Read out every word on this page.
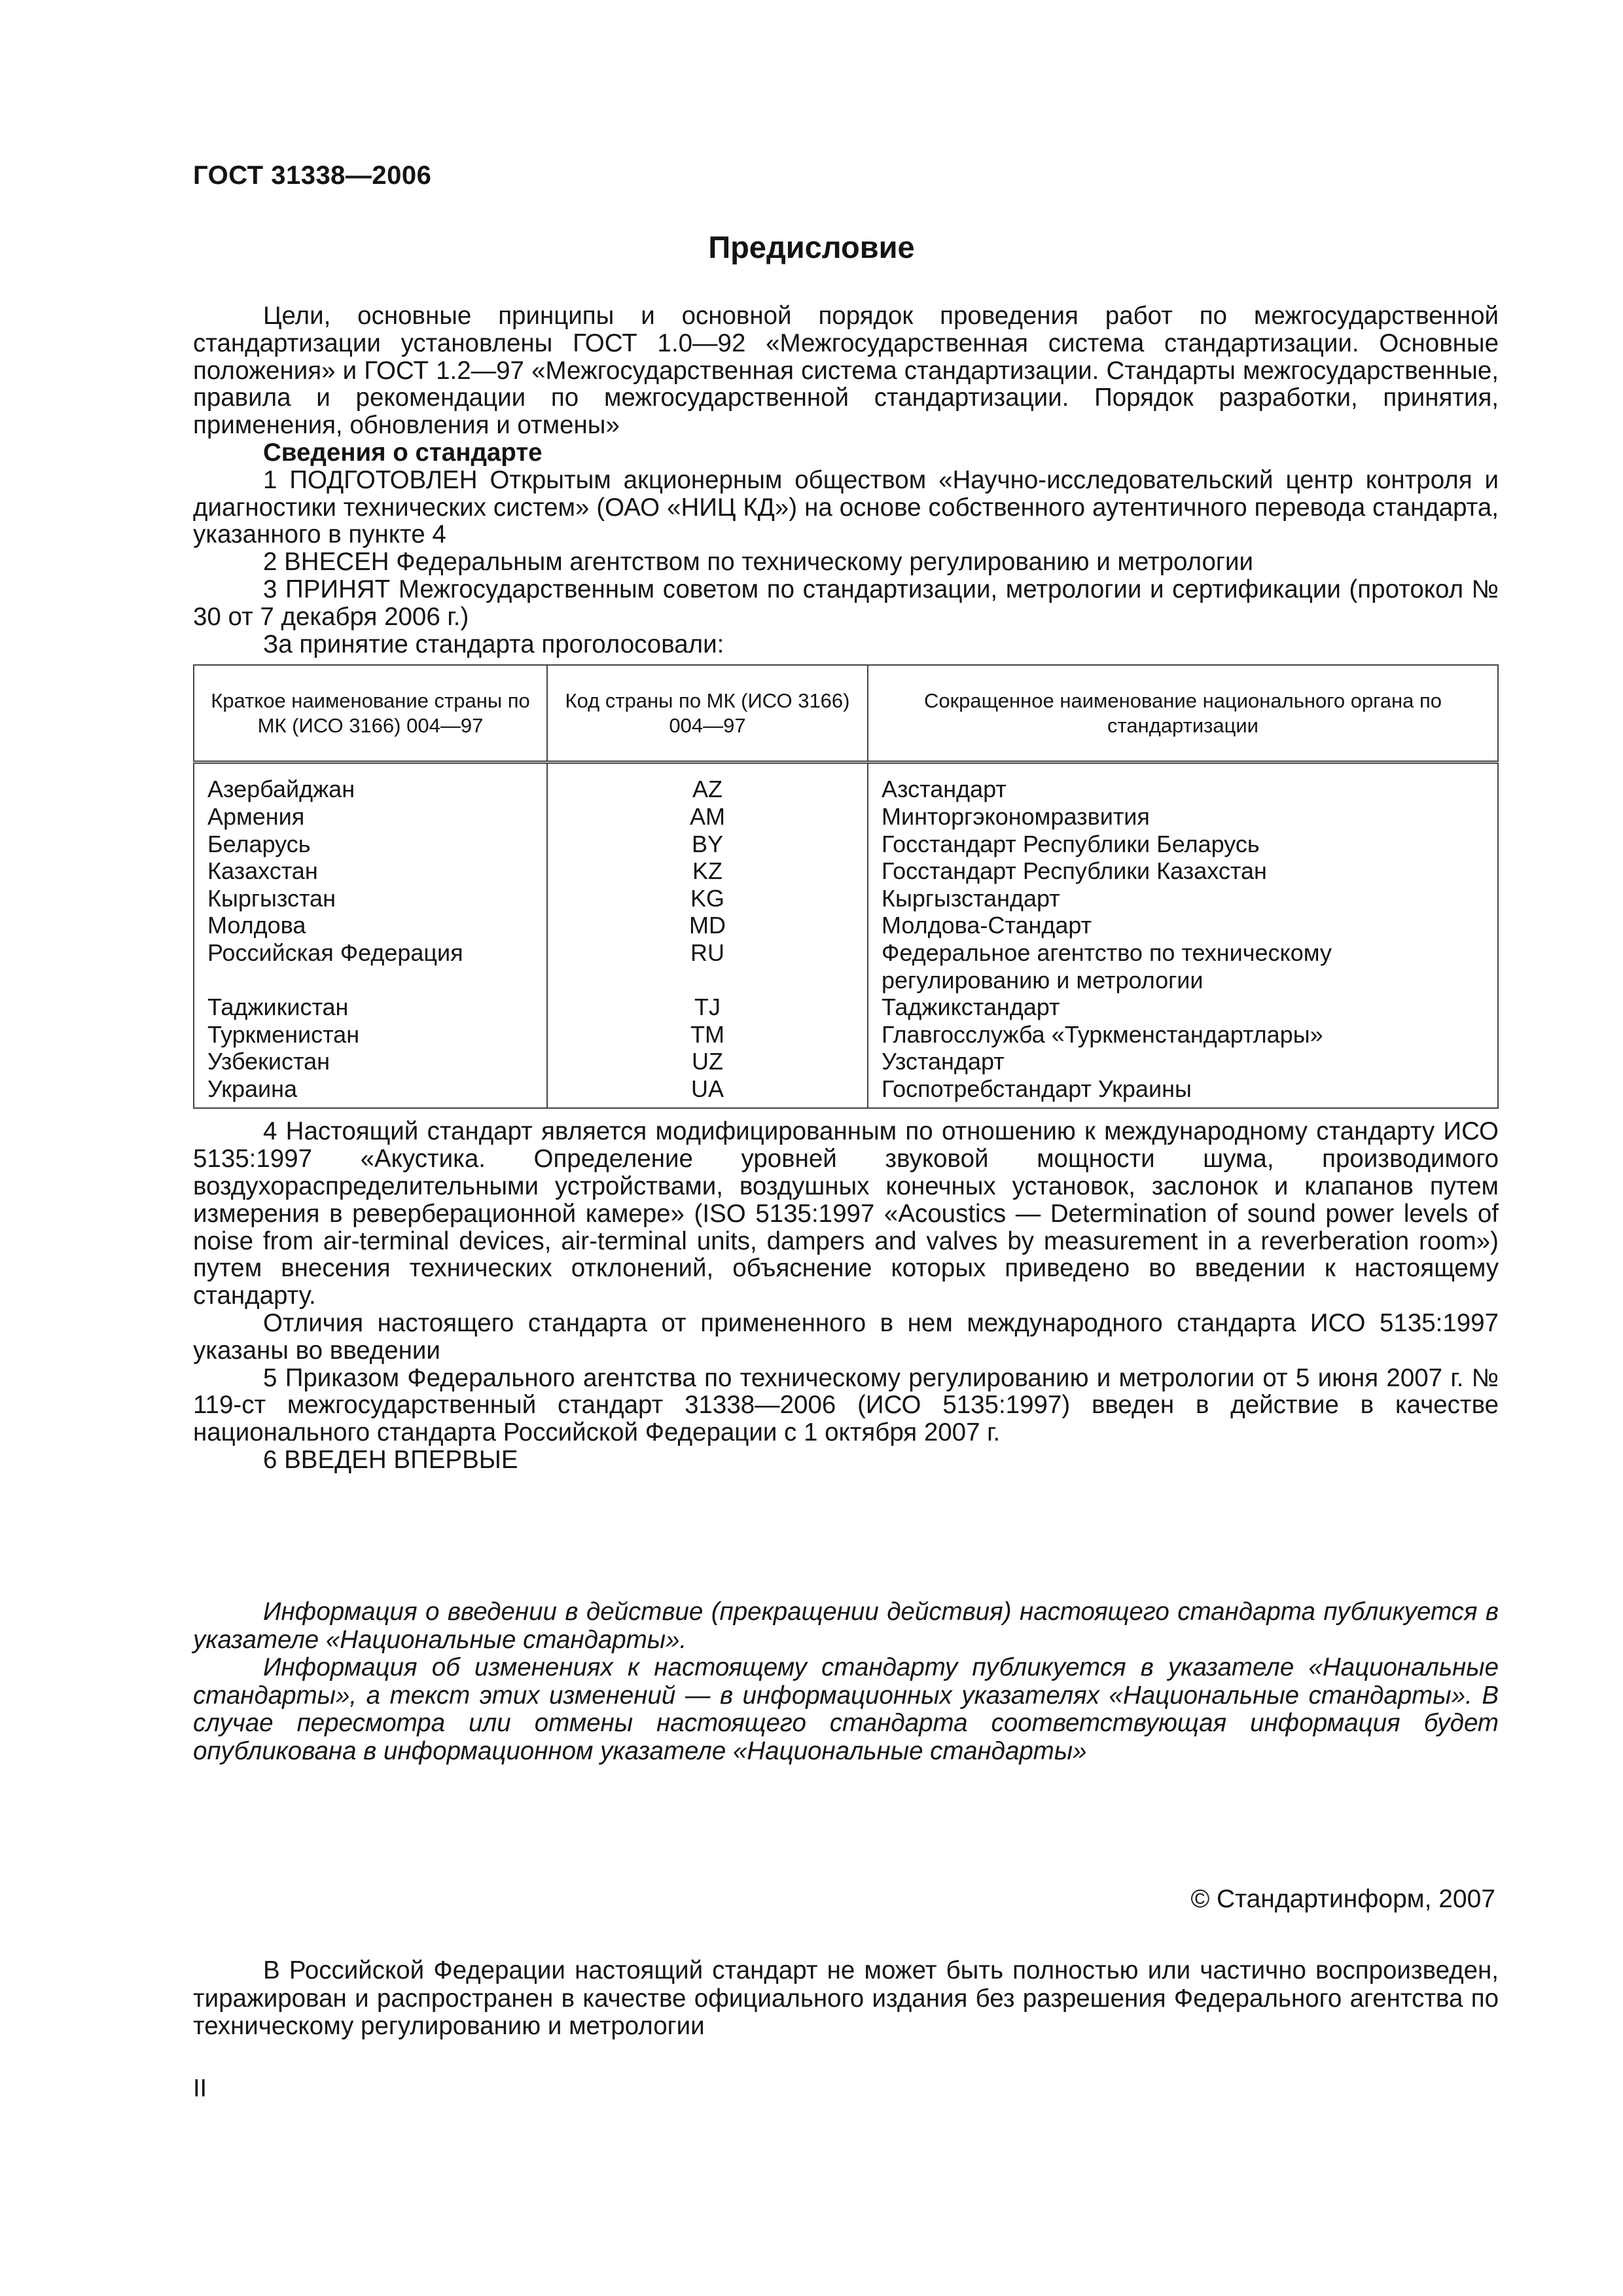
ГОСТ 31338—2006
Предисловие

Цели, основные принципы и основной порядок проведения работ по межгосударственной стандартизации установлены ГОСТ 1.0—92 «Межгосударственная система стандартизации. Основные положения» и ГОСТ 1.2—97 «Межгосударственная система стандартизации. Стандарты межгосударственные, правила и рекомендации по межгосударственной стандартизации. Порядок разработки, принятия, применения, обновления и отмены»

Сведения о стандарте

1 ПОДГОТОВЛЕН Открытым акционерным обществом «Научно-исследовательский центр контроля и диагностики технических систем» (ОАО «НИЦ КД») на основе собственного аутентичного перевода стандарта, указанного в пункте 4

2 ВНЕСЕН Федеральным агентством по техническому регулированию и метрологии

3 ПРИНЯТ Межгосударственным советом по стандартизации, метрологии и сертификации (протокол № 30 от 7 декабря 2006 г.)

За принятие стандарта проголосовали:

Краткое наименование страны по МК (ИСО 3166) 004—97	Код страны по МК (ИСО 3166) 004—97	Сокращенное наименование национального органа по стандартизации
Азербайджан	AZ	Азстандарт
Армения	AM	Минторгэкономразвития
Беларусь	BY	Госстандарт Республики Беларусь
Казахстан	KZ	Госстандарт Республики Казахстан
Кыргызстан	KG	Кыргызстандарт
Молдова	MD	Молдова-Стандарт
Российская Федерация	RU	Федеральное агентство по техническому регулированию и метрологии
Таджикистан	TJ	Таджикстандарт
Туркменистан	TM	Главгосслужба «Туркменстандартлары»
Узбекистан	UZ	Узстандарт
Украина	UA	Госпотребстандарт Украины

4 Настоящий стандарт является модифицированным по отношению к международному стандарту ИСО 5135:1997 «Акустика. Определение уровней звуковой мощности шума, производимого воздухораспределительными устройствами, воздушных конечных установок, заслонок и клапанов путем измерения в реверберационной камере» (ISO 5135:1997 «Acoustics — Determination of sound power levels of noise from air-terminal devices, air-terminal units, dampers and valves by measurement in a reverberation room») путем внесения технических отклонений, объяснение которых приведено во введении к настоящему стандарту.

Отличия настоящего стандарта от примененного в нем международного стандарта ИСО 5135:1997 указаны во введении

5 Приказом Федерального агентства по техническому регулированию и метрологии от 5 июня 2007 г. № 119-ст межгосударственный стандарт 31338—2006 (ИСО 5135:1997) введен в действие в качестве национального стандарта Российской Федерации с 1 октября 2007 г.

6 ВВЕДЕН ВПЕРВЫЕ

Информация о введении в действие (прекращении действия) настоящего стандарта публикуется в указателе «Национальные стандарты».

Информация об изменениях к настоящему стандарту публикуется в указателе «Национальные стандарты», а текст этих изменений — в информационных указателях «Национальные стандарты». В случае пересмотра или отмены настоящего стандарта соответствующая информация будет опубликована в информационном указателе «Национальные стандарты»

© Стандартинформ, 2007

В Российской Федерации настоящий стандарт не может быть полностью или частично воспроизведен, тиражирован и распространен в качестве официального издания без разрешения Федерального агентства по техническому регулированию и метрологии

II
